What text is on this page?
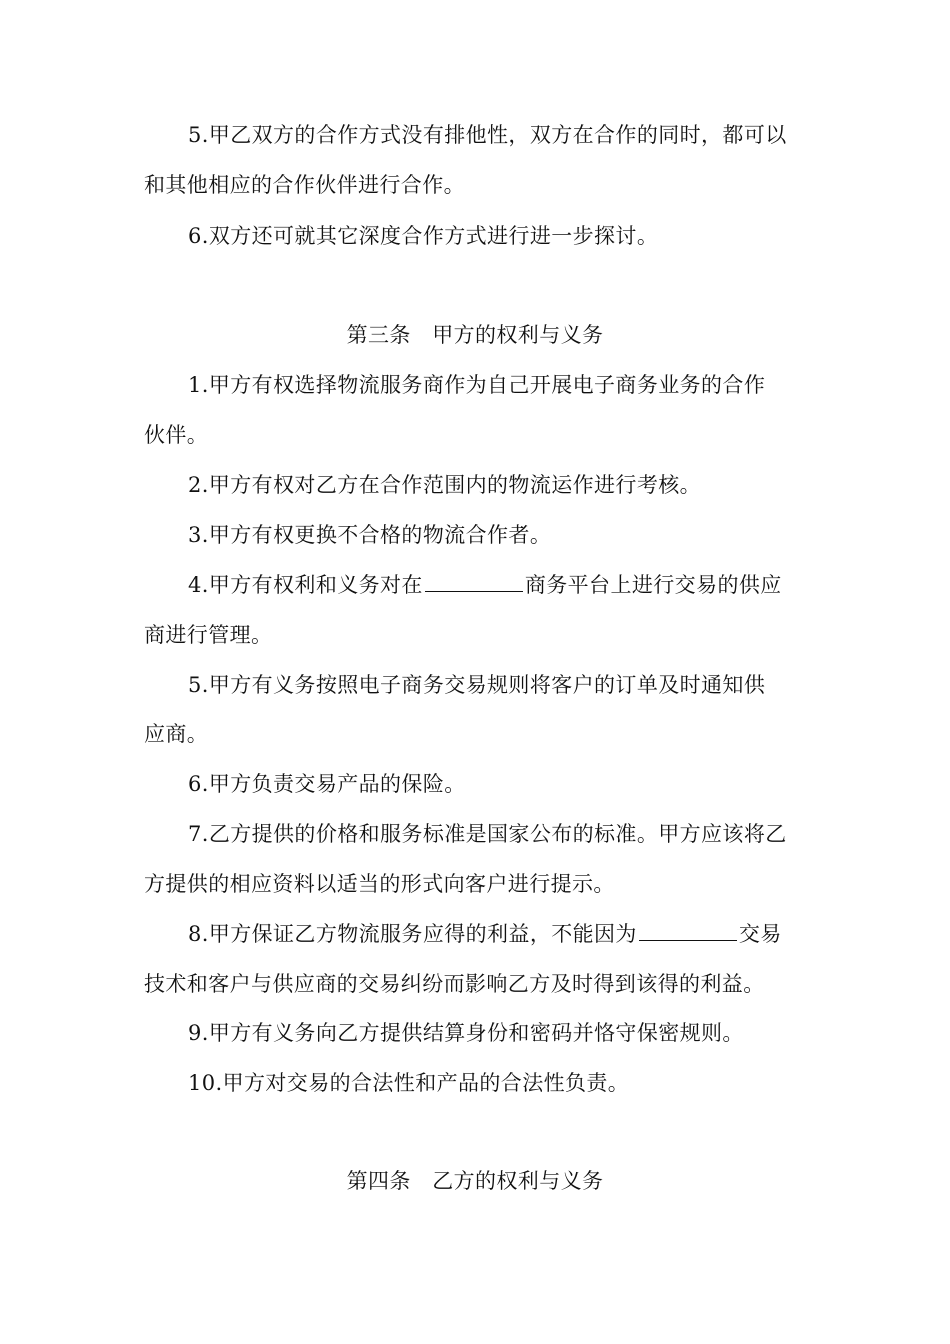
5.甲乙双方的合作方式没有排他性，双方在合作的同时，都可以
和其他相应的合作伙伴进行合作。
6.双方还可就其它深度合作方式进行进一步探讨。
第三条　甲方的权利与义务
1.甲方有权选择物流服务商作为自己开展电子商务业务的合作
伙伴。
2.甲方有权对乙方在合作范围内的物流运作进行考核。
3.甲方有权更换不合格的物流合作者。
4.甲方有权利和义务对在	商务平台上进行交易的供应
商进行管理。
5.甲方有义务按照电子商务交易规则将客户的订单及时通知供
应商。
6.甲方负责交易产品的保险。
7.乙方提供的价格和服务标准是国家公布的标准。甲方应该将乙
方提供的相应资料以适当的形式向客户进行提示。
8.甲方保证乙方物流服务应得的利益，不能因为	交易
技术和客户与供应商的交易纠纷而影响乙方及时得到该得的利益。
9.甲方有义务向乙方提供结算身份和密码并恪守保密规则。
10.甲方对交易的合法性和产品的合法性负责。
第四条　乙方的权利与义务
